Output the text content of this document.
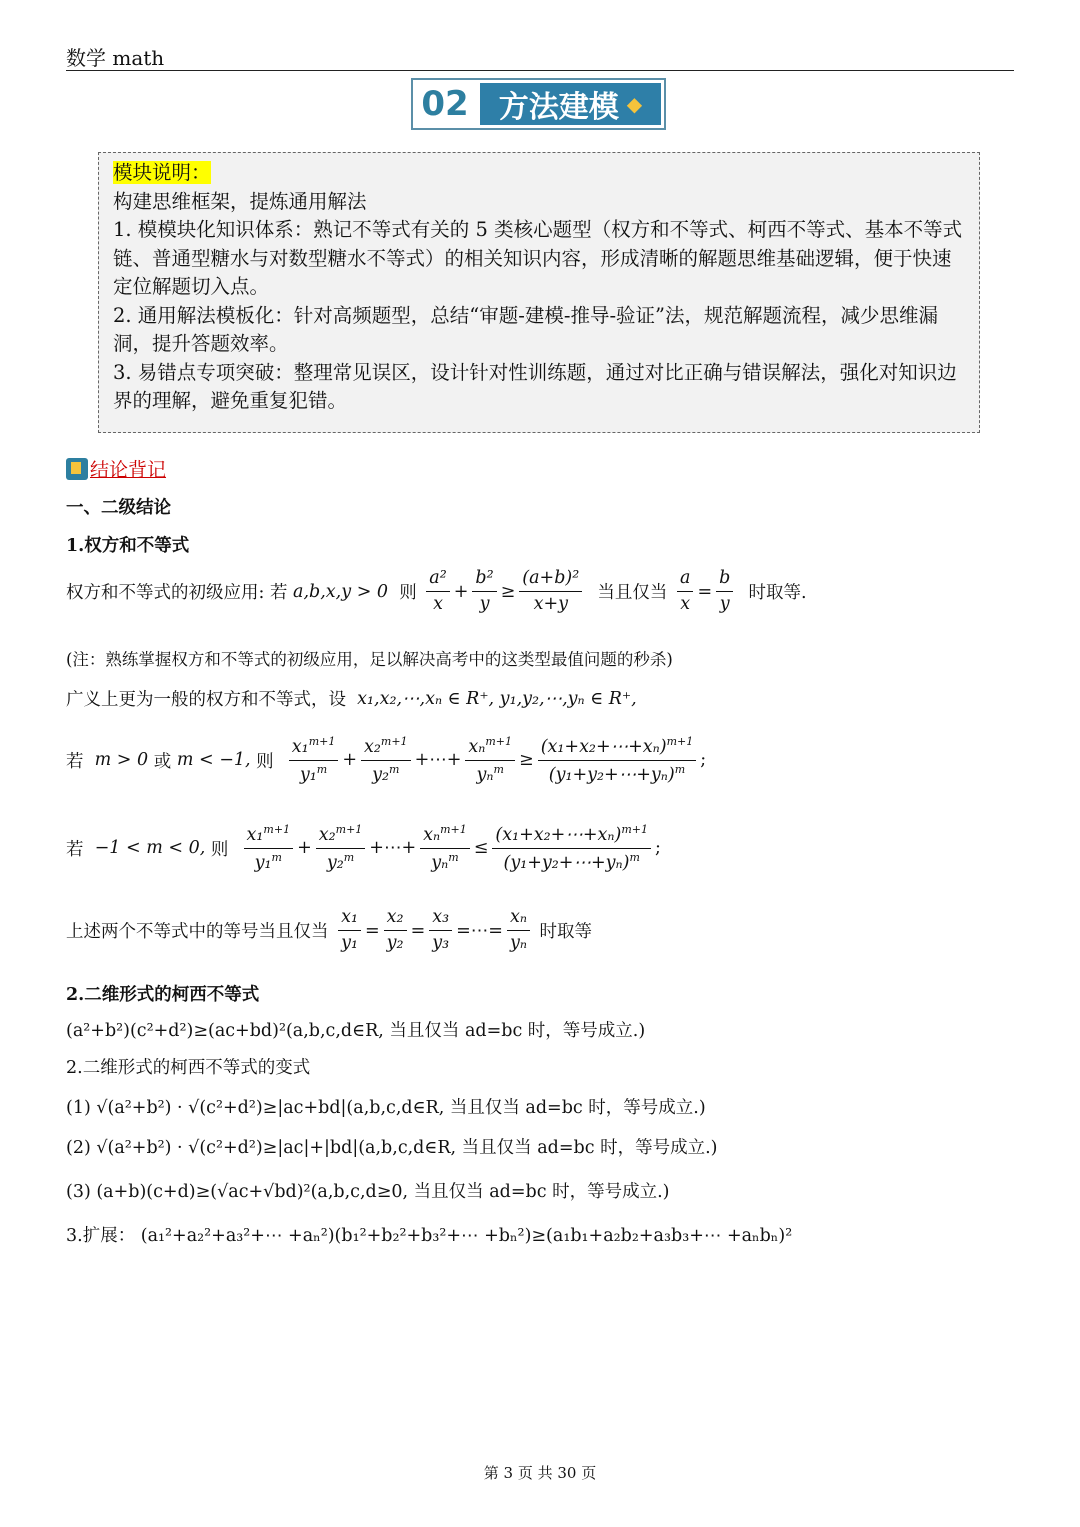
数学 math
02 方法建模 ◆

模块说明：

构建思维框架，提炼通用解法

1. 模模块化知识体系：熟记不等式有关的 5 类核心题型（权方和不等式、柯西不等式、基本不等式链、普通型糖水与对数型糖水不等式）的相关知识内容，形成清晰的解题思维基础逻辑，便于快速定位解题切入点。

2. 通用解法模板化：针对高频题型，总结“审题-建模-推导-验证”法，规范解题流程，减少思维漏洞，提升答题效率。

3. 易错点专项突破：整理常见误区，设计针对性训练题，通过对比正确与错误解法，强化对知识边界的理解，避免重复犯错。

结论背记
一、二级结论
1.权方和不等式
权方和不等式的初级应用: 若
a,b,x,y > 0
则
$\frac{\text{a²}}{x} + \frac{\text{b²}}{y} \ge \frac{\text{(a+b)²}}{x+y}$
当且仅当
$\frac{a}{x} = \frac{b}{y}$
时取等.
(注：熟练掌握权方和不等式的初级应用，足以解决高考中的这类型最值问题的秒杀)
广义上更为一般的权方和不等式，设
x₁,x₂,⋯,xₙ ∈ R⁺, y₁,y₂,⋯,yₙ ∈ R⁺,
若
m > 0
或
m < −1,
则
$\frac{x_1^{m+1}}{y_1^m} + \frac{x_2^{m+1}}{y_2^m}$ +⋯+ $\frac{x_n^{m+1}}{y_n^m} \ge \frac{(x_1+x_2+\cdots+x_n)^{m+1}}{(y_1+y_2+\cdots+y_n)^m}$ ;
若
−1 < m < 0,
则
$\frac{x_1^{m+1}}{y_1^m} + \frac{x_2^{m+1}}{y_2^m}$ +⋯+ $\frac{x_n^{m+1}}{y_n^m} \le \frac{(x_1+x_2+\cdots+x_n)^{m+1}}{(y_1+y_2+\cdots+y_n)^m}$ ;
上述两个不等式中的等号当且仅当
$\frac{\text{x₁}}{\text{y₁}} = \frac{\text{x₂}}{\text{y₂}} = \frac{\text{x₃}}{\text{y₃}}$ =⋯= $\frac{\text{xₙ}}{\text{yₙ}}$
时取等
2.二维形式的柯西不等式
(a²+b²)(c²+d²)≥(ac+bd)²(a,b,c,d∈R, 当且仅当 ad=bc 时，等号成立.)
2.二维形式的柯西不等式的变式
(1) √(a²+b²) · √(c²+d²)≥|ac+bd|(a,b,c,d∈R, 当且仅当 ad=bc 时，等号成立.)
(2) √(a²+b²) · √(c²+d²)≥|ac|+|bd|(a,b,c,d∈R, 当且仅当 ad=bc 时，等号成立.)
(3) (a+b)(c+d)≥(√ac+√bd)²(a,b,c,d≥0, 当且仅当 ad=bc 时，等号成立.)
3.扩展： (a₁²+a₂²+a₃²+⋯ +aₙ²)(b₁²+b₂²+b₃²+⋯ +bₙ²)≥(a₁b₁+a₂b₂+a₃b₃+⋯ +aₙbₙ)²
第 3 页 共 30 页
